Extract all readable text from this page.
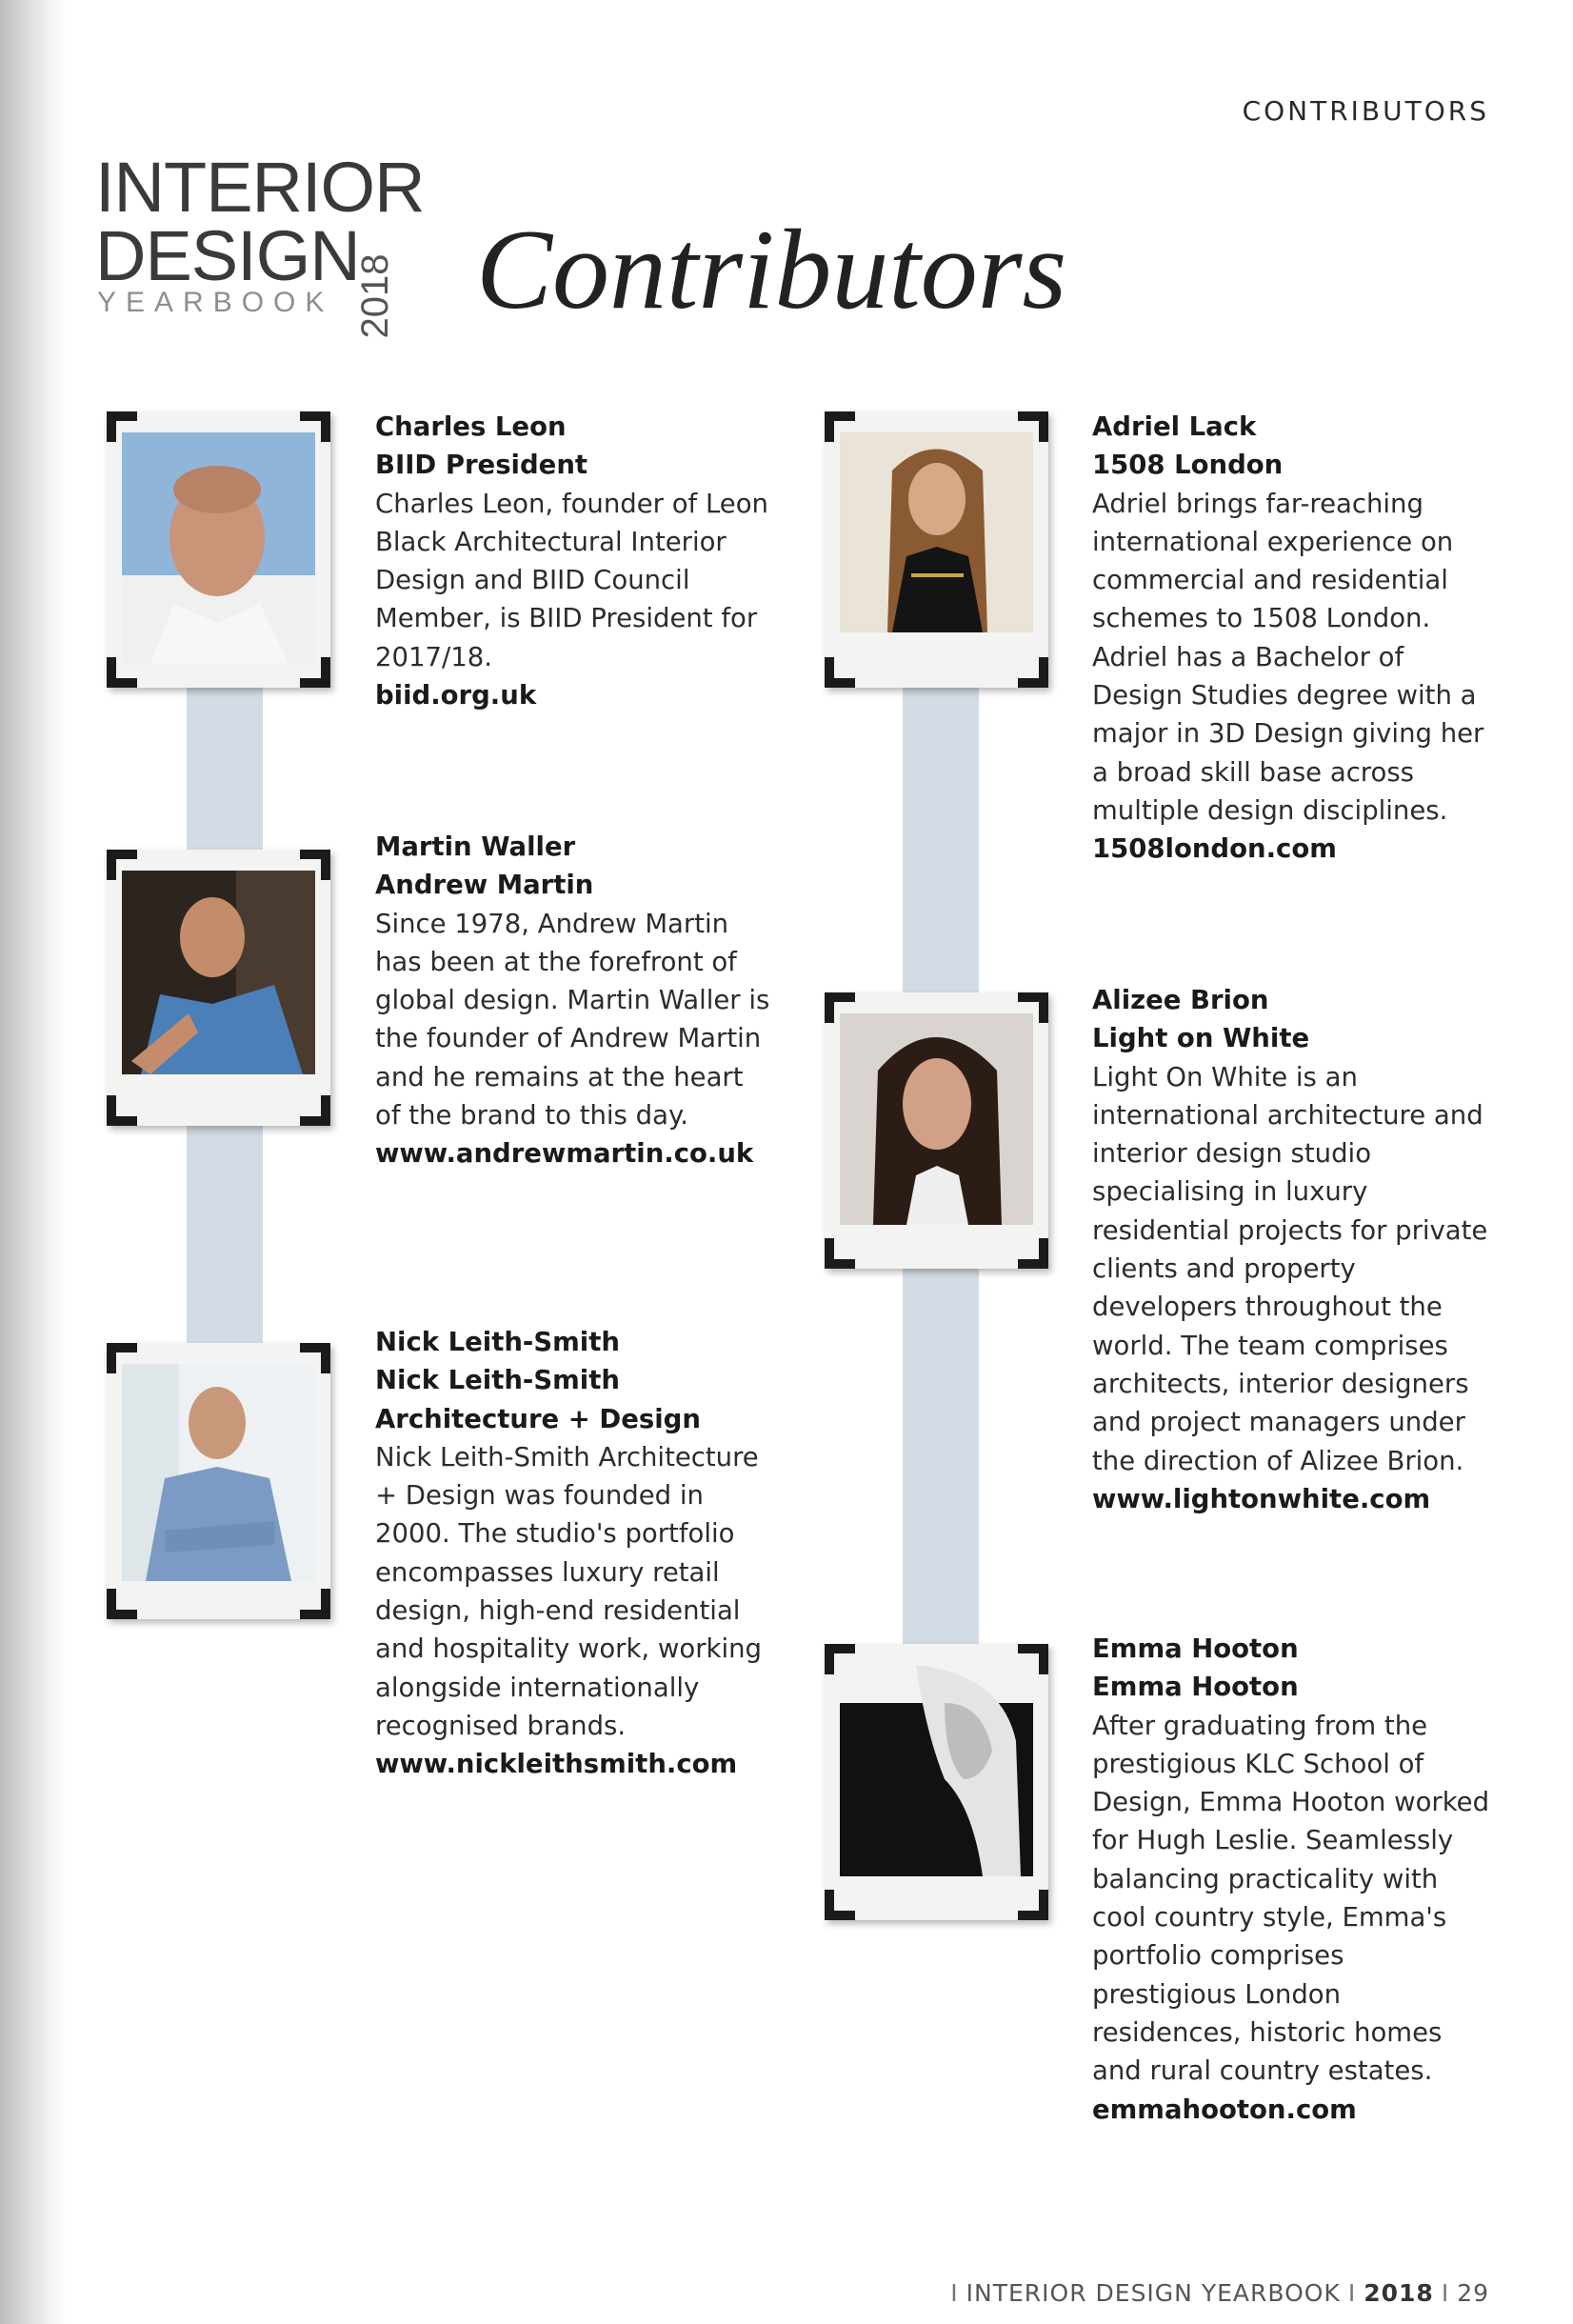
CONTRIBUTORS
INTERIOR
DESIGN
YEARBOOK 2018 Contributors
Charles Leon
BIID President
Charles Leon, founder of Leon Black Architectural Interior Design and BIID Council Member, is BIID President for 2017/18.
biid.org.uk
Martin Waller
Andrew Martin
Since 1978, Andrew Martin has been at the forefront of global design. Martin Waller is the founder of Andrew Martin and he remains at the heart of the brand to this day.
www.andrewmartin.co.uk
Nick Leith-Smith
Nick Leith-Smith Architecture + Design
Nick Leith-Smith Architecture + Design was founded in 2000. The studio's portfolio encompasses luxury retail design, high-end residential and hospitality work, working alongside internationally recognised brands.
www.nickleithsmith.com
Adriel Lack
1508 London
Adriel brings far-reaching international experience on commercial and residential schemes to 1508 London. Adriel has a Bachelor of Design Studies degree with a major in 3D Design giving her a broad skill base across multiple design disciplines.
1508london.com
Alizee Brion
Light on White
Light On White is an international architecture and interior design studio specialising in luxury residential projects for private clients and property developers throughout the world. The team comprises architects, interior designers and project managers under the direction of Alizee Brion.
www.lightonwhite.com
Emma Hooton
Emma Hooton
After graduating from the prestigious KLC School of Design, Emma Hooton worked for Hugh Leslie. Seamlessly balancing practicality with cool country style, Emma's portfolio comprises prestigious London residences, historic homes and rural country estates.
emmahooton.com
I INTERIOR DESIGN YEARBOOK I 2018 I 29
